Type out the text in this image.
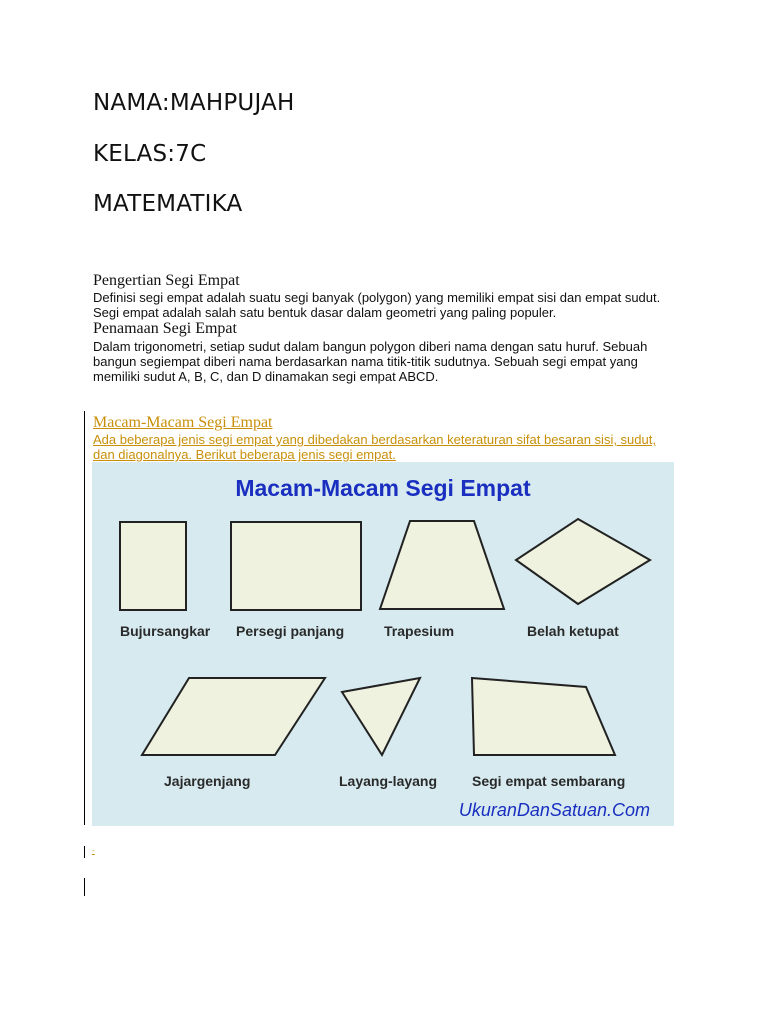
NAMA:MAHPUJAH
KELAS:7C
MATEMATIKA
Pengertian Segi Empat
Definisi segi empat adalah suatu segi banyak (polygon) yang memiliki empat sisi dan empat sudut. Segi empat adalah salah satu bentuk dasar dalam geometri yang paling populer.
Penamaan Segi Empat
Dalam trigonometri, setiap sudut dalam bangun polygon diberi nama dengan satu huruf. Sebuah bangun segiempat diberi nama berdasarkan nama titik-titik sudutnya. Sebuah segi empat yang memiliki sudut A, B, C, dan D dinamakan segi empat ABCD.
Macam-Macam Segi Empat
Ada beberapa jenis segi empat yang dibedakan berdasarkan keteraturan sifat besaran sisi, sudut, dan diagonalnya. Berikut beberapa jenis segi empat.
Macam-Macam Segi Empat
Bujursangkar Persegi panjang	Trapesium	Belah ketupat
Jajargenjang	Layang-layang Segi empat sembarang
UkuranDanSatuan.Com
-
